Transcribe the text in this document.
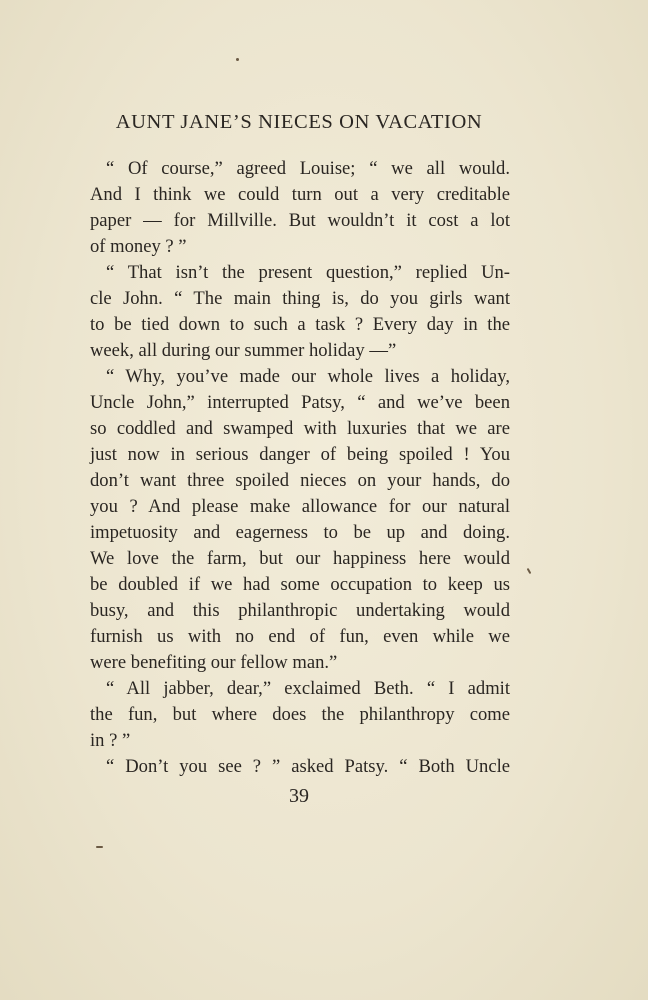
AUNT JANE’S NIECES ON VACATION
“ Of course,” agreed Louise; “ we all would.
And I think we could turn out a very creditable
paper — for Millville. But wouldn’t it cost a lot
of money ? ”
“ That isn’t the present question,” replied Un-
cle John. “ The main thing is, do you girls want
to be tied down to such a task ? Every day in the
week, all during our summer holiday —”
“ Why, you’ve made our whole lives a holiday,
Uncle John,” interrupted Patsy, “ and we’ve been
so coddled and swamped with luxuries that we are
just now in serious danger of being spoiled ! You
don’t want three spoiled nieces on your hands, do
you ? And please make allowance for our natural
impetuosity and eagerness to be up and doing.
We love the farm, but our happiness here would
be doubled if we had some occupation to keep us
busy, and this philanthropic undertaking would
furnish us with no end of fun, even while we
were benefiting our fellow man.”
“ All jabber, dear,” exclaimed Beth. “ I admit
the fun, but where does the philanthropy come
in ? ”
“ Don’t you see ? ” asked Patsy. “ Both Uncle
39
